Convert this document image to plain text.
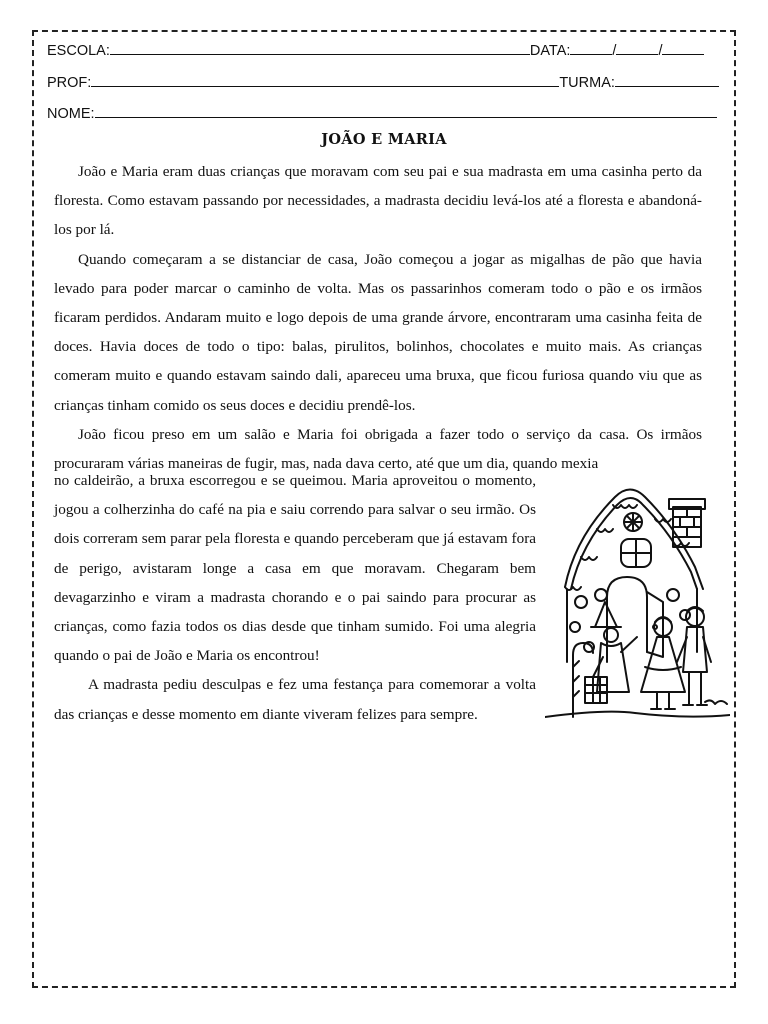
ESCOLA:	DATA:	/	/
PROF:	TURMA:
NOME:
JOÃO E MARIA

João e Maria eram duas crianças que moravam com seu pai e sua madrasta em uma casinha perto da floresta. Como estavam passando por necessidades, a madrasta decidiu levá-los até a floresta e abandoná-los por lá.

Quando começaram a se distanciar de casa, João começou a jogar as migalhas de pão que havia levado para poder marcar o caminho de volta. Mas os passarinhos comeram todo o pão e os irmãos ficaram perdidos. Andaram muito e logo depois de uma grande árvore, encontraram uma casinha feita de doces. Havia doces de todo o tipo: balas, pirulitos, bolinhos, chocolates e muito mais. As crianças comeram muito e quando estavam saindo dali, apareceu uma bruxa, que ficou furiosa quando viu que as crianças tinham comido os seus doces e decidiu prendê-los.

João ficou preso em um salão e Maria foi obrigada a fazer todo o serviço da casa. Os irmãos procuraram várias maneiras de fugir, mas, nada dava certo, até que um dia, quando mexia

no caldeirão, a bruxa escorregou e se queimou. Maria aproveitou o momento, jogou a colherzinha do café na pia e saiu correndo para salvar o seu irmão. Os dois correram sem parar pela floresta e quando perceberam que já estavam fora de perigo, avistaram longe a casa em que moravam. Chegaram bem devagarzinho e viram a madrasta chorando e o pai saindo para procurar as crianças, como fazia todos os dias desde que tinham sumido. Foi uma alegria quando o pai de João e Maria os encontrou!

A madrasta pediu desculpas e fez uma festança para comemorar a volta das crianças e desse momento em diante viveram felizes para sempre.
